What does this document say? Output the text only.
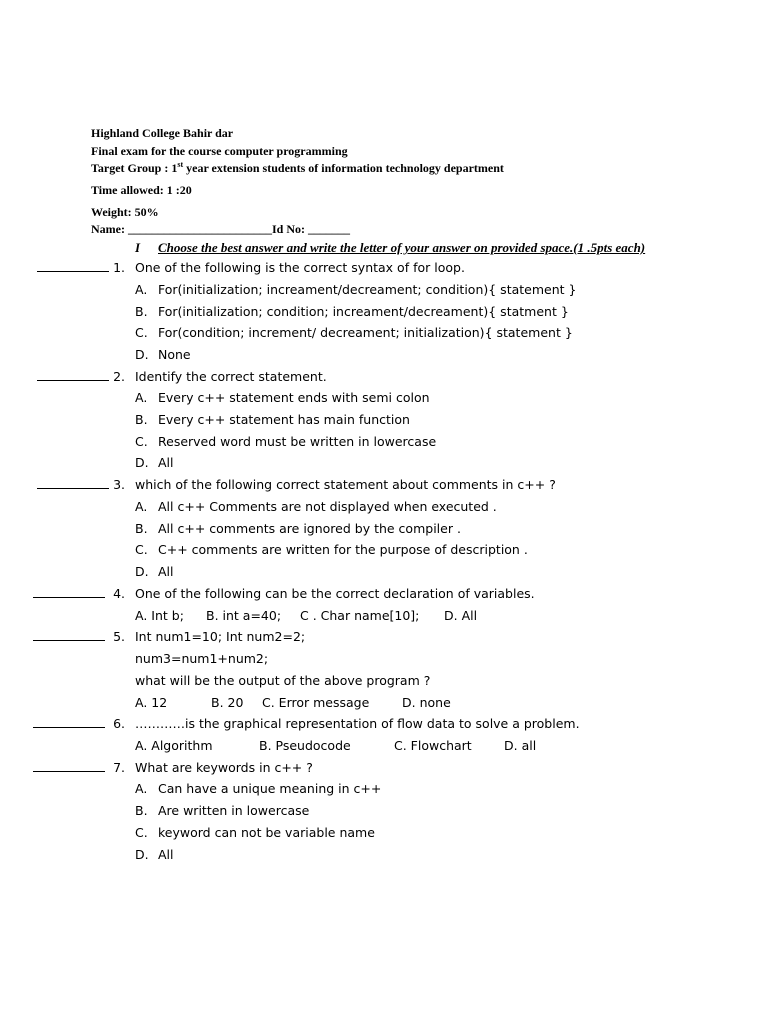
Highland College Bahir dar
Final exam for the course computer programming
Target Group : 1st year extension students of information technology department
Time allowed: 1 :20
Weight: 50%
Name: ________________________Id No: _______
I Choose the best answer and write the letter of your answer on provided space.(1 .5pts each)
1. One of the following is the correct syntax of for loop.
A. For(initialization; increament/decreament; condition){ statement }
B. For(initialization; condition; increament/decreament){ statment }
C. For(condition; increment/ decreament; initialization){ statement }
D. None
2. Identify the correct statement.
A. Every c++ statement ends with semi colon
B. Every c++ statement has main function
C. Reserved word must be written in lowercase
D. All
3. which of the following correct statement about comments in c++ ?
A. All c++ Comments are not displayed when executed .
B. All c++ comments are ignored by the compiler .
C. C++ comments are written for the purpose of description .
D. All
4. One of the following can be the correct declaration of variables.
A. Int b; B. int a=40; C . Char name[10]; D. All
5. Int num1=10; Int num2=2;
num3=num1+num2;
what will be the output of the above program ?
A. 12	B. 20 C. Error message	D. none
6. …………is the graphical representation of flow data to solve a problem.
A. Algorithm	B. Pseudocode	C. Flowchart	D. all
7. What are keywords in c++ ?
A. Can have a unique meaning in c++
B. Are written in lowercase
C. keyword can not be variable name
D. All
